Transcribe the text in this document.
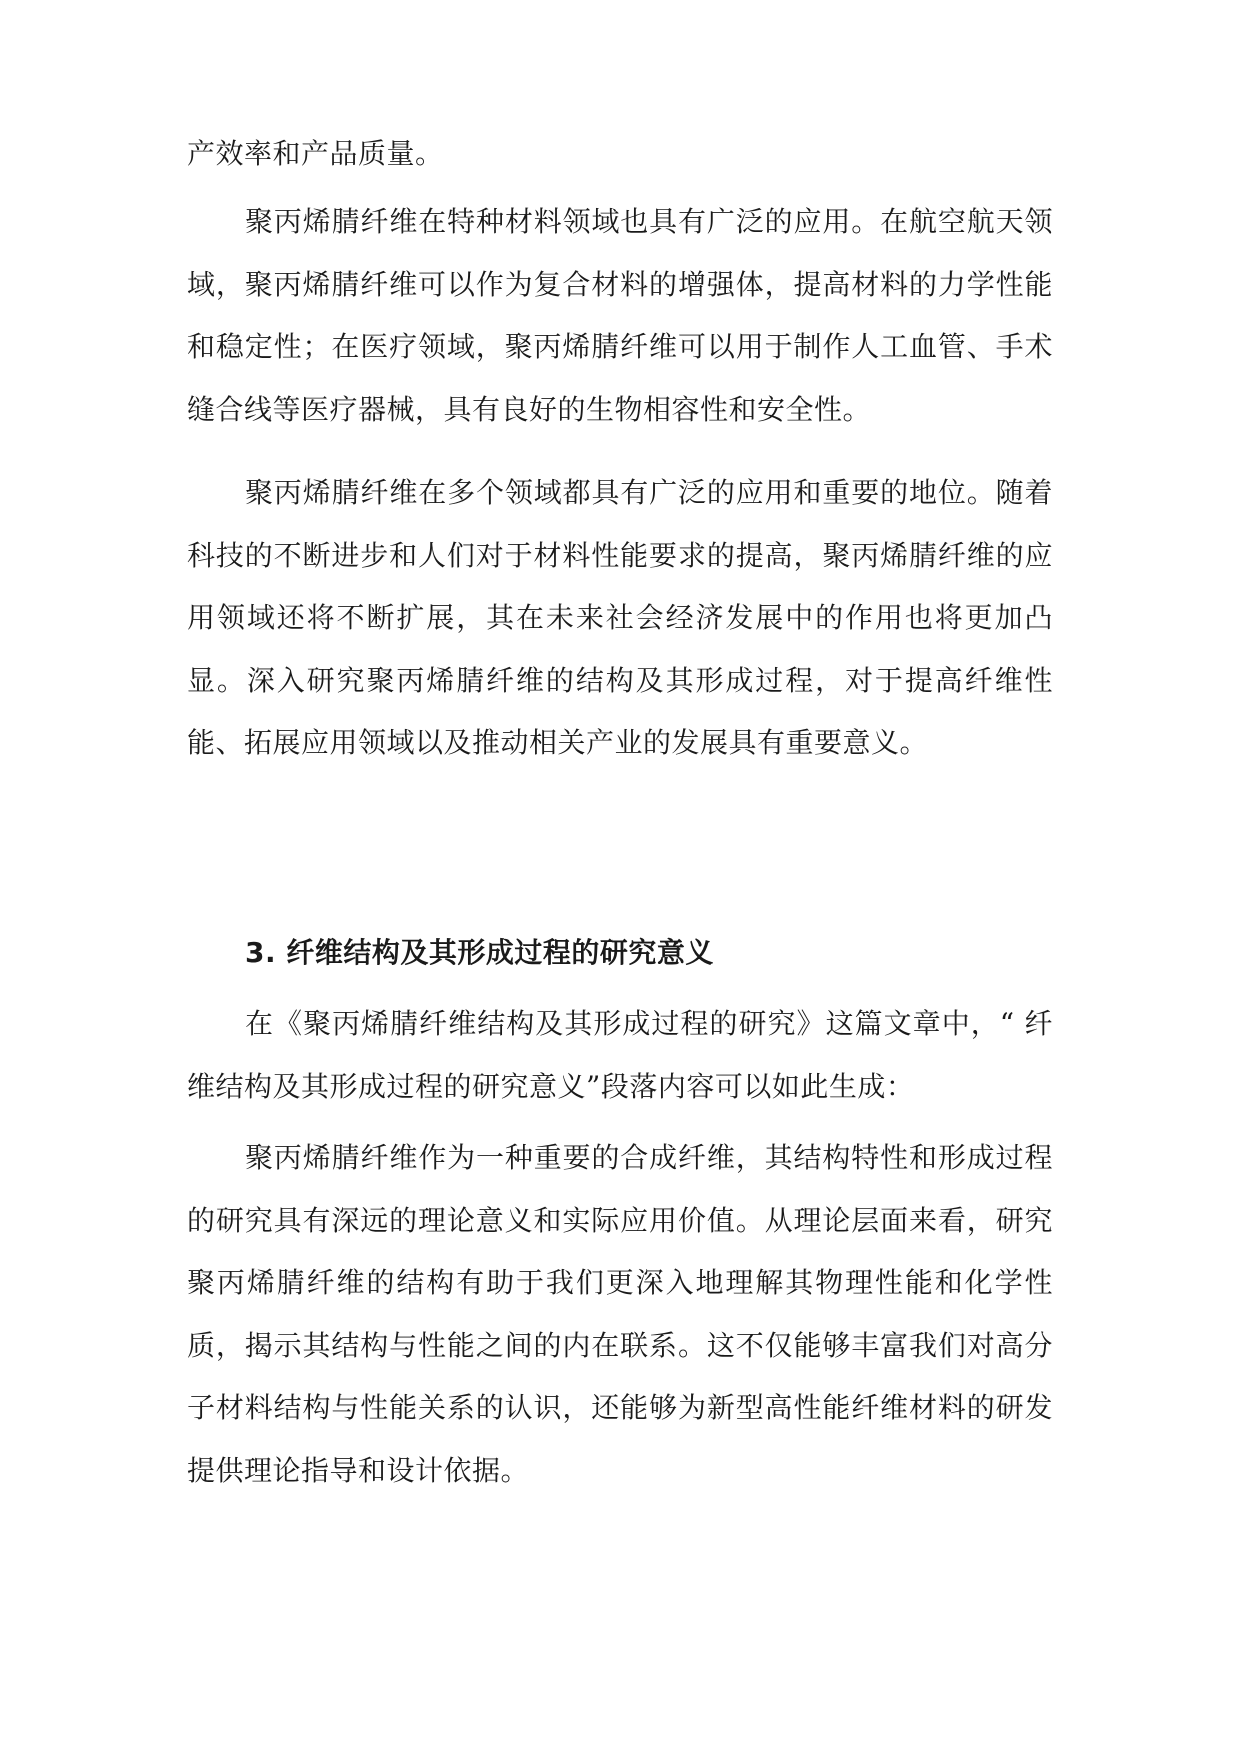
产效率和产品质量。

聚丙烯腈纤维在特种材料领域也具有广泛的应用。在航空航天领域，聚丙烯腈纤维可以作为复合材料的增强体，提高材料的力学性能和稳定性；在医疗领域，聚丙烯腈纤维可以用于制作人工血管、手术缝合线等医疗器械，具有良好的生物相容性和安全性。

聚丙烯腈纤维在多个领域都具有广泛的应用和重要的地位。随着科技的不断进步和人们对于材料性能要求的提高，聚丙烯腈纤维的应用领域还将不断扩展，其在未来社会经济发展中的作用也将更加凸显。深入研究聚丙烯腈纤维的结构及其形成过程，对于提高纤维性能、拓展应用领域以及推动相关产业的发展具有重要意义。

3. 纤维结构及其形成过程的研究意义

在《聚丙烯腈纤维结构及其形成过程的研究》这篇文章中，“ 纤维结构及其形成过程的研究意义”段落内容可以如此生成：

聚丙烯腈纤维作为一种重要的合成纤维，其结构特性和形成过程的研究具有深远的理论意义和实际应用价值。从理论层面来看，研究聚丙烯腈纤维的结构有助于我们更深入地理解其物理性能和化学性质，揭示其结构与性能之间的内在联系。这不仅能够丰富我们对高分子材料结构与性能关系的认识，还能够为新型高性能纤维材料的研发提供理论指导和设计依据。
